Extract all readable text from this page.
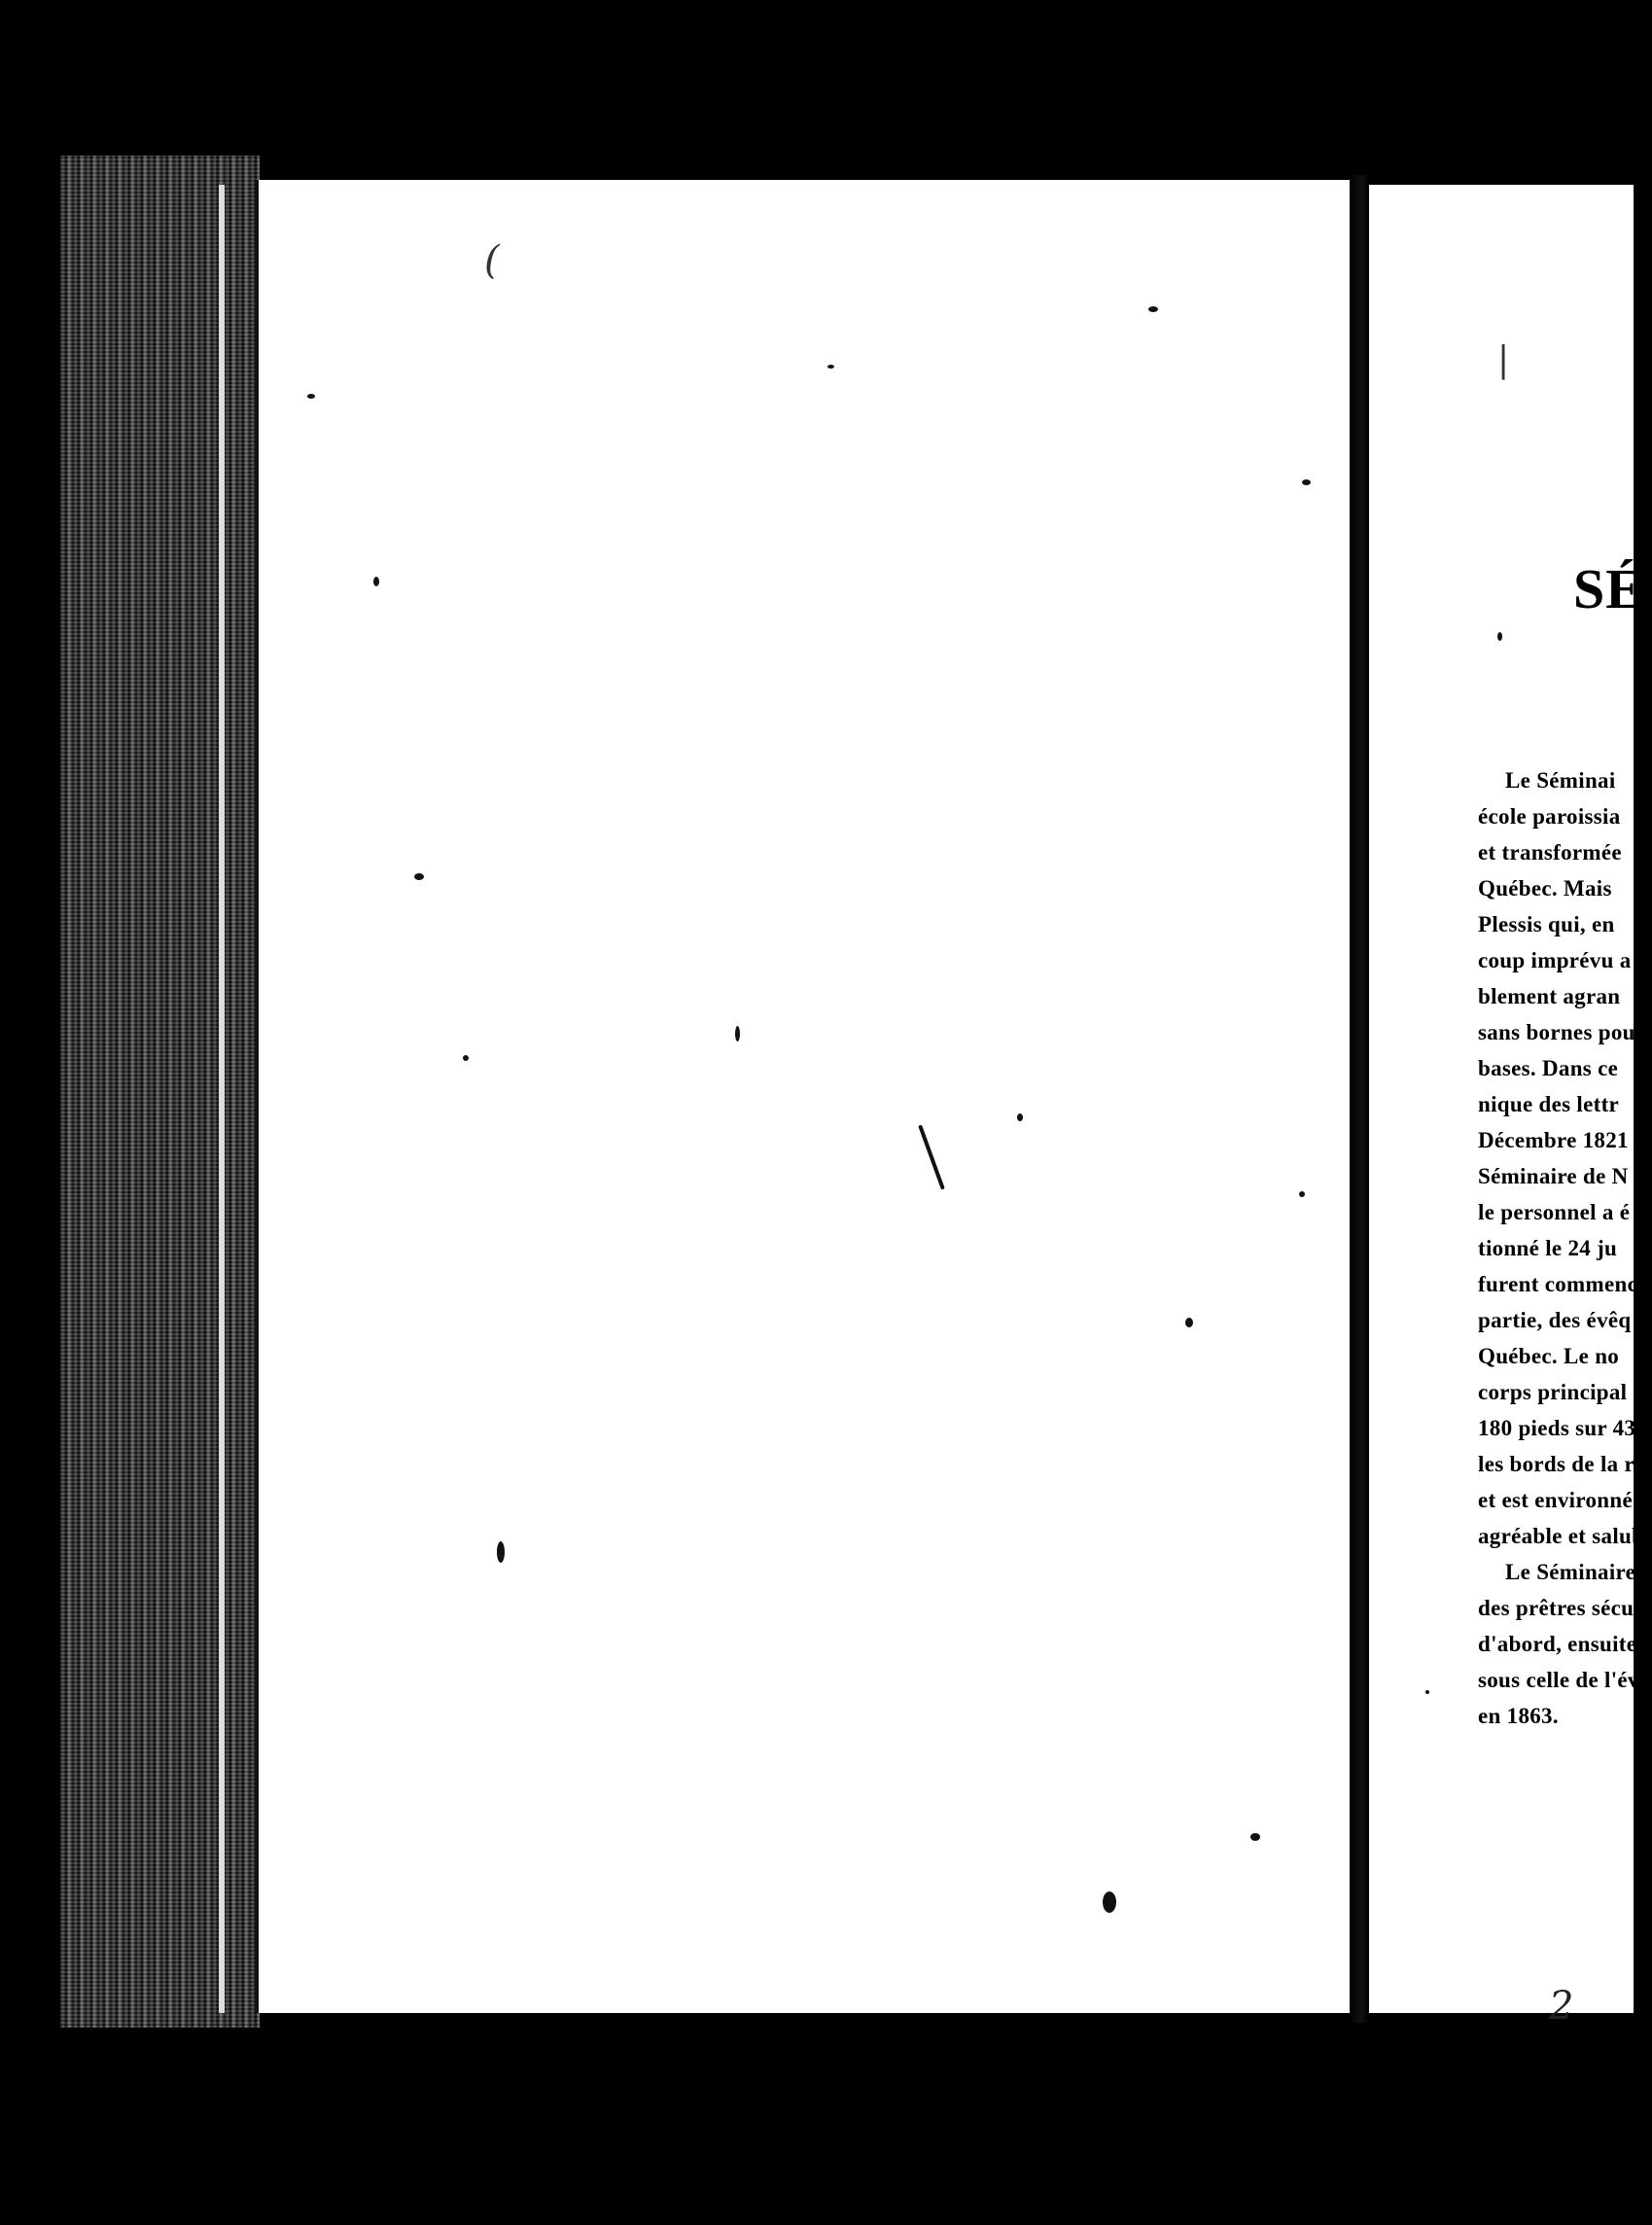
(
|
SÉ
Le Séminai
école paroissia
et transformée
Québec. Mais
Plessis qui, en
coup imprévu a
blement agran
sans bornes pou
bases. Dans ce
nique des lettr
Décembre 1821
Séminaire de N
le personnel a é
tionné le 24 ju
furent commenc
partie, des évêq
Québec. Le no
corps principal d
180 pieds sur 43
les bords de la r
et est environné
agréable et salub
Le Séminaire c
des prêtres sécu
d'abord, ensuite s
sous celle de l'év
en 1863.
2
